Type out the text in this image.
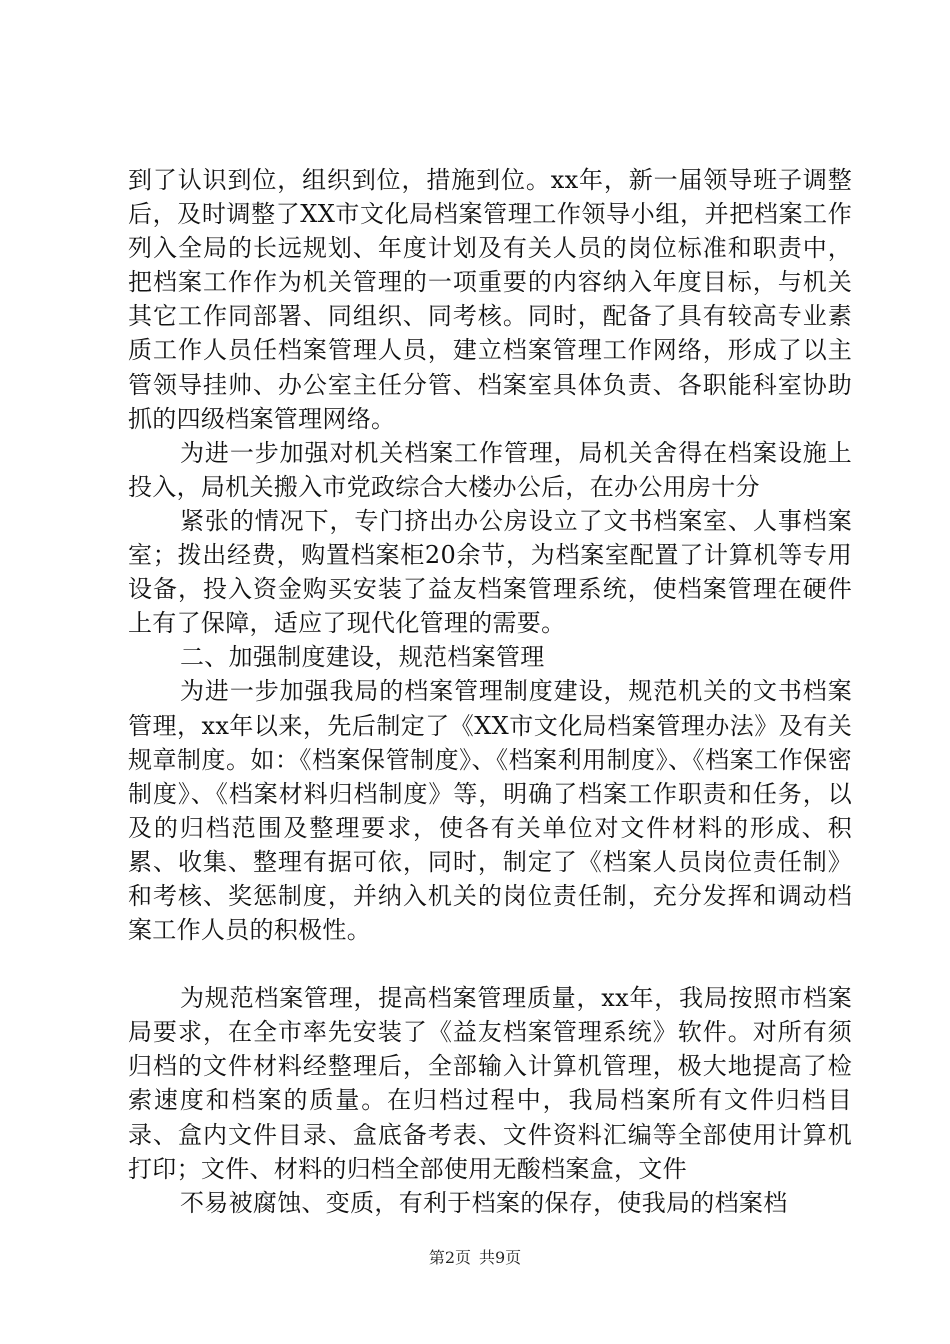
到了认识到位，组织到位，措施到位。xx年，新一届领导班子调整后，及时调整了XX市文化局档案管理工作领导小组，并把档案工作列入全局的长远规划、年度计划及有关人员的岗位标准和职责中，把档案工作作为机关管理的一项重要的内容纳入年度目标，与机关其它工作同部署、同组织、同考核。同时，配备了具有较高专业素质工作人员任档案管理人员，建立档案管理工作网络，形成了以主管领导挂帅、办公室主任分管、档案室具体负责、各职能科室协助抓的四级档案管理网络。

为进一步加强对机关档案工作管理，局机关舍得在档案设施上投入，局机关搬入市党政综合大楼办公后，在办公用房十分

紧张的情况下，专门挤出办公房设立了文书档案室、人事档案室；拨出经费，购置档案柜20余节，为档案室配置了计算机等专用设备，投入资金购买安装了益友档案管理系统，使档案管理在硬件上有了保障，适应了现代化管理的需要。

二、加强制度建设，规范档案管理

为进一步加强我局的档案管理制度建设，规范机关的文书档案管理，xx年以来，先后制定了《XX市文化局档案管理办法》及有关规章制度。如：《档案保管制度》、《档案利用制度》、《档案工作保密制度》、《档案材料归档制度》等，明确了档案工作职责和任务，以及的归档范围及整理要求，使各有关单位对文件材料的形成、积累、收集、整理有据可依，同时，制定了《档案人员岗位责任制》和考核、奖惩制度，并纳入机关的岗位责任制，充分发挥和调动档案工作人员的积极性。

为规范档案管理，提高档案管理质量，xx年，我局按照市档案局要求，在全市率先安装了《益友档案管理系统》软件。对所有须归档的文件材料经整理后，全部输入计算机管理，极大地提高了检索速度和档案的质量。在归档过程中，我局档案所有文件归档目录、盒内文件目录、盒底备考表、文件资料汇编等全部使用计算机打印；文件、材料的归档全部使用无酸档案盒，文件

不易被腐蚀、变质，有利于档案的保存，使我局的档案档

第2页 共9页
